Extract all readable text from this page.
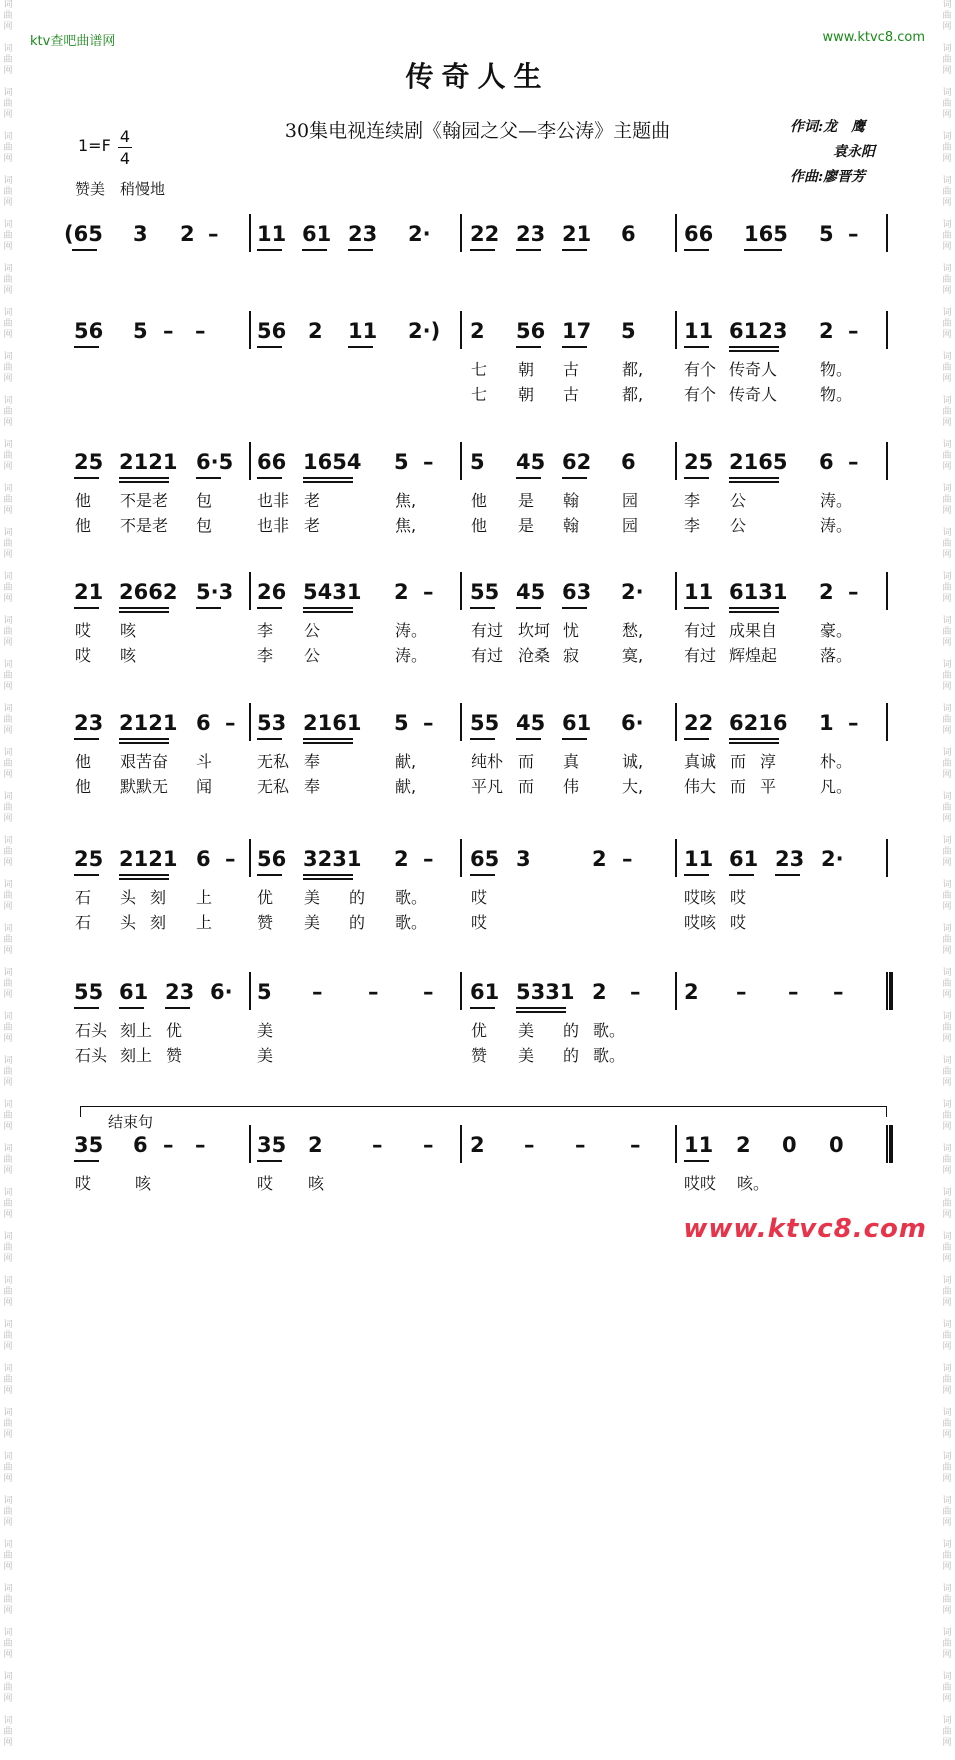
词
曲
网

词
曲
网

词
曲
网

词
曲
网

词
曲
网

词
曲
网

词
曲
网

词
曲
网

词
曲
网

词
曲
网

词
曲
网

词
曲
网

词
曲
网

词
曲
网

词
曲
网

词
曲
网

词
曲
网

词
曲
网

词
曲
网

词
曲
网

词
曲
网

词
曲
网

词
曲
网

词
曲
网

词
曲
网

词
曲
网

词
曲
网

词
曲
网

词
曲
网

词
曲
网

词
曲
网

词
曲
网

词
曲
网

词
曲
网

词
曲
网

词
曲
网

词
曲
网

词
曲
网

词
曲
网

词
曲
网

词
曲
网

词
曲
网

词
曲
网

词
曲
网

词
曲
网

词
曲
网

词
曲
网

词
曲
网

词
曲
网

词
曲
网

词
曲
网

词
曲
网

词
曲
网

词
曲
网

词
曲
网

词
曲
网

词
曲
网

词
曲
网

词
曲
网

词
曲
网

词
曲
网

词
曲
网

词
曲
网

词
曲
网

词
曲
网

词
曲
网

词
曲
网

词
曲
网

词
曲
网

词
曲
网

词
曲
网

词
曲
网

词
曲
网

词
曲
网

词
曲
网

词
曲
网

词
曲
网

词
曲
网

词
曲
网

词
曲
网

ktv查吧曲谱网	www.ktvc8.com
传奇人生
30集电视连续剧《翰园之父—李公涛》主题曲	作词:龙　鹰
袁永阳
作曲:廖晋芳
1=F 4
4
赞美　稍慢地
(65 3 2 – 11 61 23 2· 22 23 21 6 66 165 5 –
56 5 – – 56 2 11 2·) 2 56 17 5 11 6123 2 –
七 朝 古	都,	有个 传奇人	物。
七 朝 古	都,	有个 传奇人	物。
25 2121 6·5 66 1654 5 – 5 45 62 6 25 2165 6 –
他 不是老 包	也非 老	焦,	他 是 翰	园	李 公	涛。
他 不是老 包	也非 老	焦,	他 是 翰	园	李 公	涛。
21 2662 5·3 26 5431 2 – 55 45 63 2· 11 6131 2 –
哎 咳	李 公	涛。	有过 坎坷 忧	愁,	有过 成果自	豪。
哎 咳	李 公	涛。	有过 沧桑 寂	寞,	有过 辉煌起	落。
23 2121 6 – 53 2161 5 – 55 45 61 6· 22 6216 1 –
他 艰苦奋 斗	无私 奉	献,	纯朴 而 真	诚,	真诚 而 淳	朴。
他 默默无 闻	无私 奉	献,	平凡 而 伟	大,	伟大 而 平	凡。
25 2121 6 – 56 3231 2 – 65 3	2 – 11 61 23 2·
石 头 刻 上	优 美 的 歌。	哎	哎咳 哎
石 头 刻 上	赞 美 的 歌。	哎	哎咳 哎
55 61 23 6· 5 – – – 61 5331 2 – 2 – – –
石头 刻上 优	美	优 美 的 歌。
石头 刻上 赞	美	赞 美 的 歌。
35 6 – – 35 2 – – 2 – – – 11 2 0 0
哎	咳	哎 咳	哎哎 咳。
结束句
www.ktvc8.com
